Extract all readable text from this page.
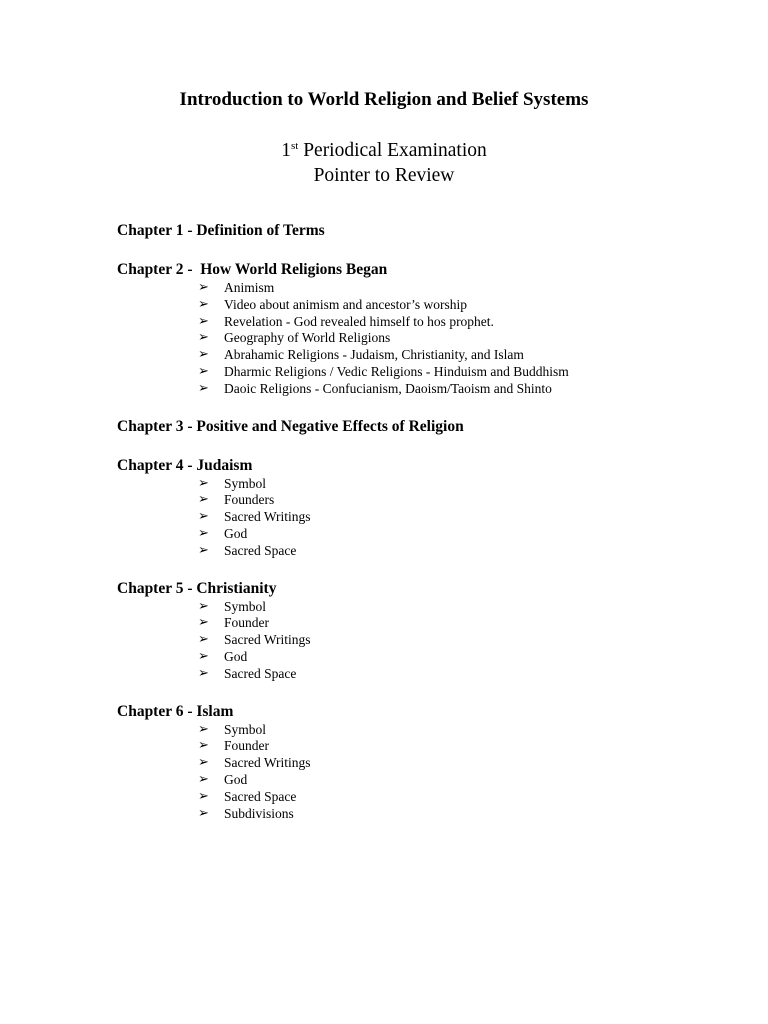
Introduction to World Religion and Belief Systems
1st Periodical Examination
Pointer to Review

Chapter 1 - Definition of Terms

Chapter 2 -  How World Religions Began

➢ Animism
➢ Video about animism and ancestor’s worship
➢ Revelation - God revealed himself to hos prophet.
➢ Geography of World Religions
➢ Abrahamic Religions - Judaism, Christianity, and Islam
➢ Dharmic Religions / Vedic Religions - Hinduism and Buddhism
➢ Daoic Religions - Confucianism, Daoism/Taoism and Shinto

Chapter 3 - Positive and Negative Effects of Religion

Chapter 4 - Judaism

➢ Symbol
➢ Founders
➢ Sacred Writings
➢ God
➢ Sacred Space

Chapter 5 - Christianity

➢ Symbol
➢ Founder
➢ Sacred Writings
➢ God
➢ Sacred Space

Chapter 6 - Islam

➢ Symbol
➢ Founder
➢ Sacred Writings
➢ God
➢ Sacred Space
➢ Subdivisions
